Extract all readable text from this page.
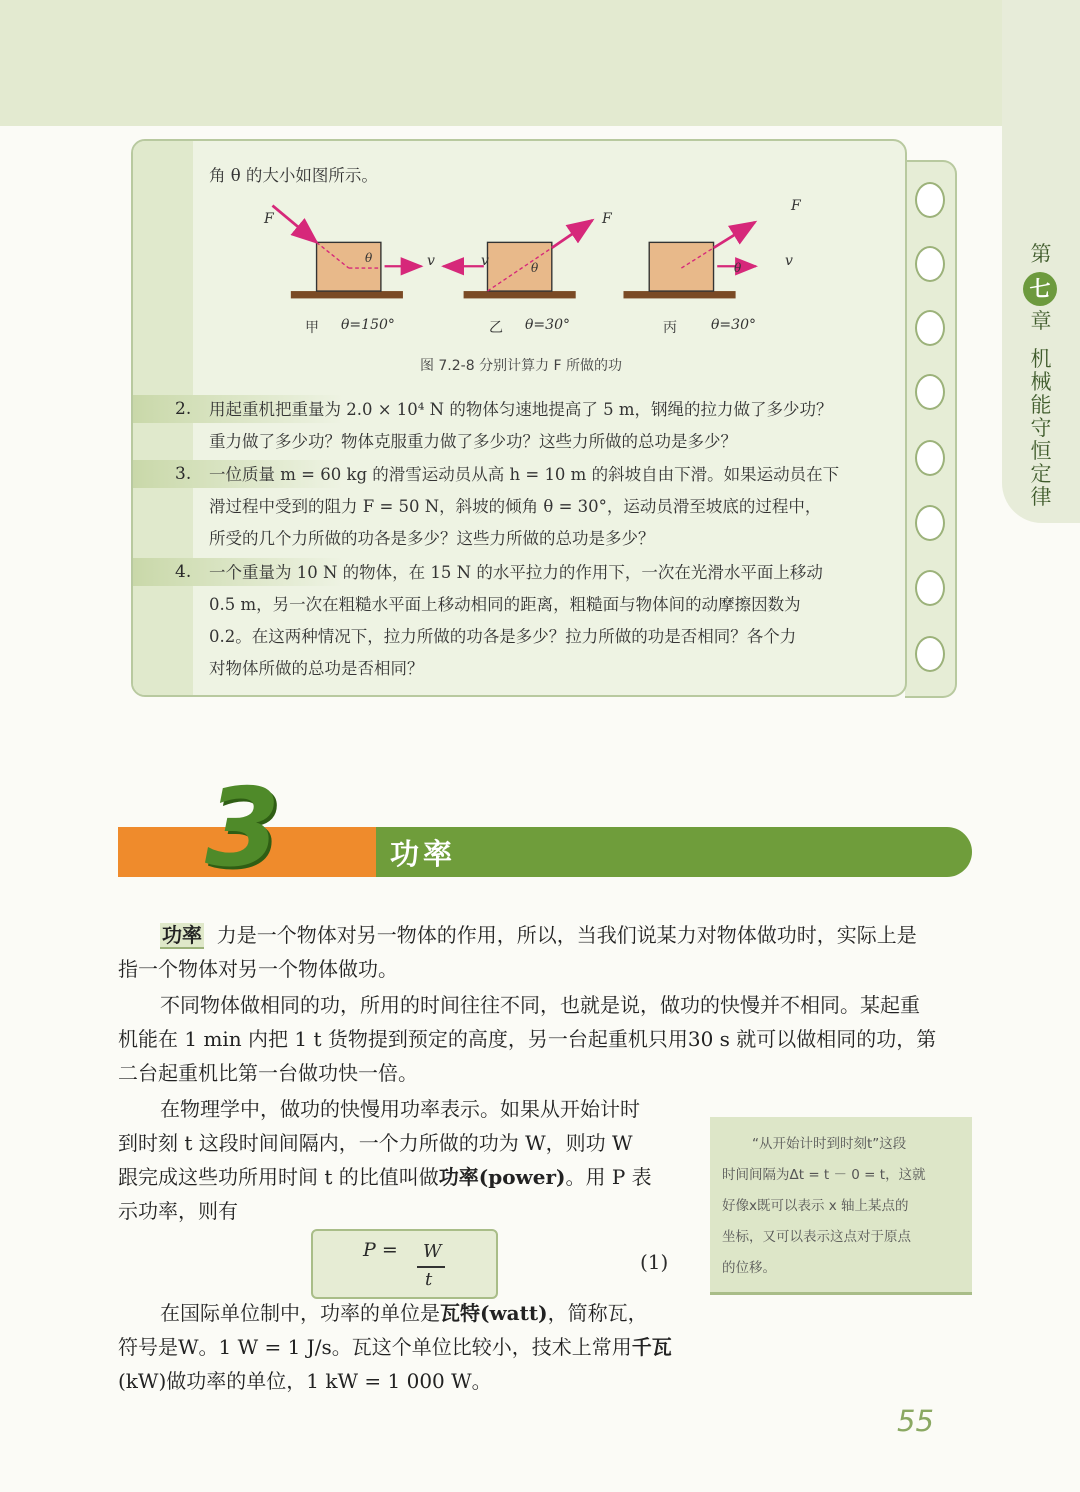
第
七
章
机械能守恒定律
角 θ 的大小如图所示。
F	F
F
v	v	v
θ
θ	θ
甲 θ=150°	乙 θ=30°	丙 θ=30°
图 7.2-8 分别计算力 F 所做的功
2. 用起重机把重量为 2.0 × 10⁴ N 的物体匀速地提高了 5 m，钢绳的拉力做了多少功？
重力做了多少功？物体克服重力做了多少功？这些力所做的总功是多少？
3. 一位质量 m = 60 kg 的滑雪运动员从高 h = 10 m 的斜坡自由下滑。如果运动员在下
滑过程中受到的阻力 F = 50 N，斜坡的倾角 θ = 30°，运动员滑至坡底的过程中，
所受的几个力所做的功各是多少？这些力所做的总功是多少？
4. 一个重量为 10 N 的物体，在 15 N 的水平拉力的作用下，一次在光滑水平面上移动
0.5 m，另一次在粗糙水平面上移动相同的距离，粗糙面与物体间的动摩擦因数为
0.2。在这两种情况下，拉力所做的功各是多少？拉力所做的功是否相同？各个力
对物体所做的总功是否相同？
3	功率
功率 力是一个物体对另一物体的作用，所以，当我们说某力对物体做功时，实际上是
指一个物体对另一个物体做功。
不同物体做相同的功，所用的时间往往不同，也就是说，做功的快慢并不相同。某起重
机能在 1 min 内把 1 t 货物提到预定的高度，另一台起重机只用30 s 就可以做相同的功，第
二台起重机比第一台做功快一倍。
在物理学中，做功的快慢用功率表示。如果从开始计时
到时刻 t 这段时间间隔内，一个力所做的功为 W，则功 W
跟完成这些功所用时间 t 的比值叫做功率(power)。用 P 表
示功率，则有
P = W
t
(1)
在国际单位制中，功率的单位是瓦特(watt)，简称瓦，
符号是W。1 W = 1 J/s。瓦这个单位比较小，技术上常用千瓦
(kW)做功率的单位，1 kW = 1 000 W。
“从开始计时到时刻t”这段
时间间隔为Δt = t － 0 = t，这就
好像x既可以表示 x 轴上某点的
坐标，又可以表示这点对于原点
的位移。
55
